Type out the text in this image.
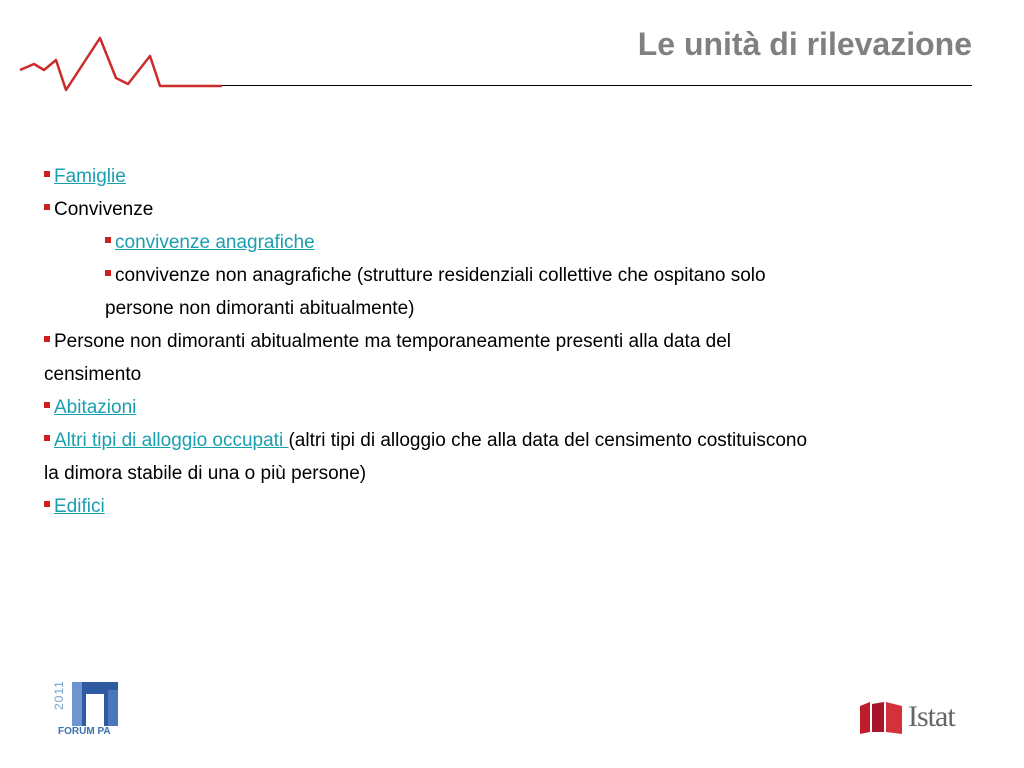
Le unità di rilevazione

Famiglie

Convivenze

convivenze anagrafiche

convivenze non anagrafiche (strutture residenziali collettive che ospitano solo

persone non dimoranti abitualmente)

Persone non dimoranti abitualmente ma temporaneamente presenti alla data del

censimento

Abitazioni

Altri tipi di alloggio occupati (altri tipi di alloggio che alla data del censimento costituiscono

la dimora stabile di una o più persone)

Edifici

2011
FORUM PA	Istat
